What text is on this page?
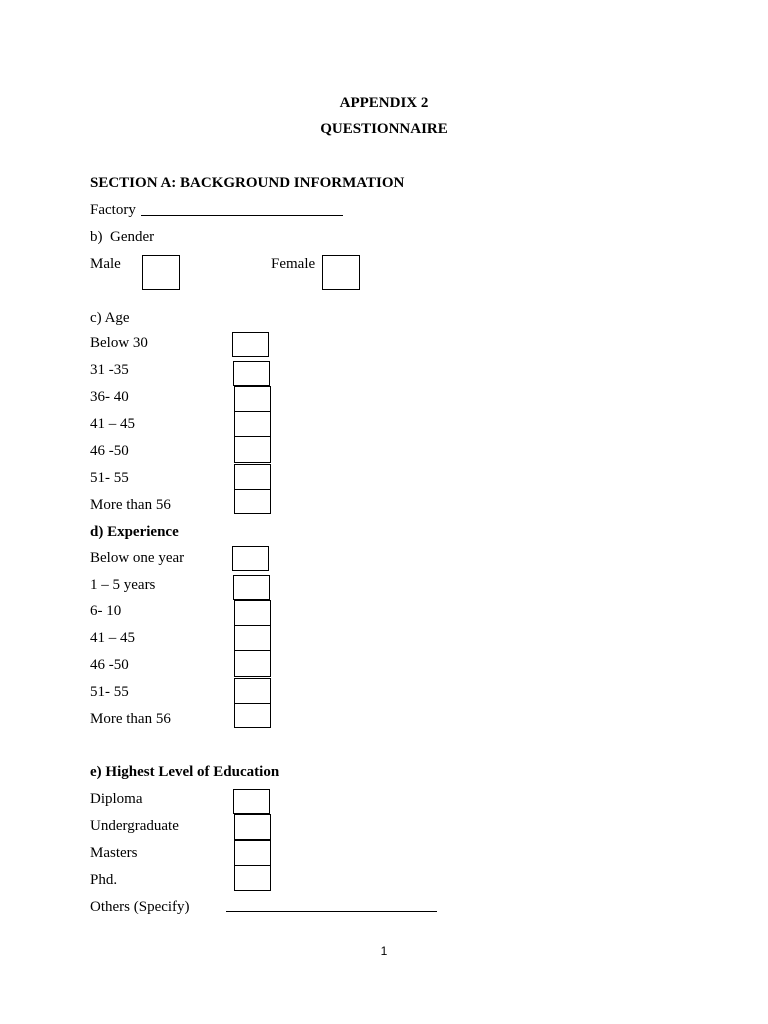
APPENDIX 2
QUESTIONNAIRE
SECTION A: BACKGROUND INFORMATION
Factory
b)  Gender
Male	Female
c) Age
Below 30
31 -35
36- 40
41 – 45
46 -50
51- 55
More than 56
d) Experience
Below one year
1 – 5 years
6- 10
41 – 45
46 -50
51- 55
More than 56
e) Highest Level of Education
Diploma
Undergraduate
Masters
Phd.
Others (Specify)
1
